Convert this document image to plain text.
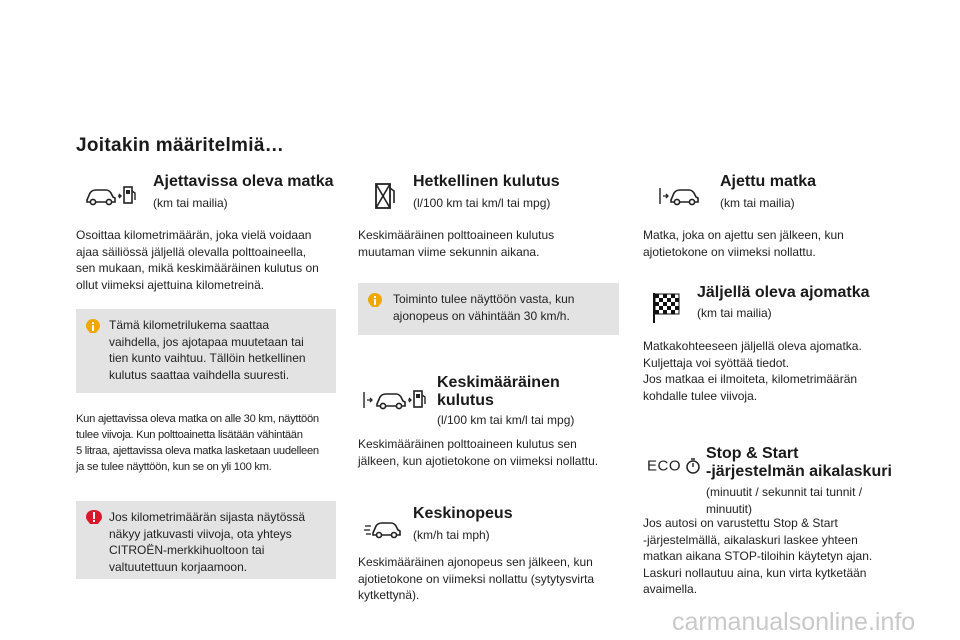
Joitakin määritelmiä…
Ajettavissa oleva matka
(km tai mailia)
Osoittaa kilometrimäärän, joka vielä voidaan
ajaa säiliössä jäljellä olevalla polttoaineella,
sen mukaan, mikä keskimääräinen kulutus on
ollut viimeksi ajettuina kilometreinä.
Tämä kilometrilukema saattaa
vaihdella, jos ajotapaa muutetaan tai
tien kunto vaihtuu. Tällöin hetkellinen
kulutus saattaa vaihdella suuresti.
Kun ajettavissa oleva matka on alle 30 km, näyttöön
tulee viivoja. Kun polttoainetta lisätään vähintään
5 litraa, ajettavissa oleva matka lasketaan uudelleen
ja se tulee näyttöön, kun se on yli 100 km.
Jos kilometrimäärän sijasta näytössä
näkyy jatkuvasti viivoja, ota yhteys
CITROËN-merkkihuoltoon tai
valtuutettuun korjaamoon.
Hetkellinen kulutus
(l/100 km tai km/l tai mpg)
Keskimääräinen polttoaineen kulutus
muutaman viime sekunnin aikana.
Toiminto tulee näyttöön vasta, kun
ajonopeus on vähintään 30 km/h.
Keskimääräinen
kulutus
(l/100 km tai km/l tai mpg)
Keskimääräinen polttoaineen kulutus sen
jälkeen, kun ajotietokone on viimeksi nollattu.
Keskinopeus
(km/h tai mph)
Keskimääräinen ajonopeus sen jälkeen, kun
ajotietokone on viimeksi nollattu (sytytysvirta
kytkettynä).
Ajettu matka
(km tai mailia)
Matka, joka on ajettu sen jälkeen, kun
ajotietokone on viimeksi nollattu.
Jäljellä oleva ajomatka
(km tai mailia)
Matkakohteeseen jäljellä oleva ajomatka.
Kuljettaja voi syöttää tiedot.
Jos matkaa ei ilmoiteta, kilometrimäärän
kohdalle tulee viivoja.
ECO
Stop & Start
-järjestelmän aikalaskuri
(minuutit / sekunnit tai tunnit /
minuutit)
Jos autosi on varustettu Stop & Start
-järjestelmällä, aikalaskuri laskee yhteen
matkan aikana STOP-tiloihin käytetyn ajan.
Laskuri nollautuu aina, kun virta kytketään
avaimella.
carmanualsonline.info
